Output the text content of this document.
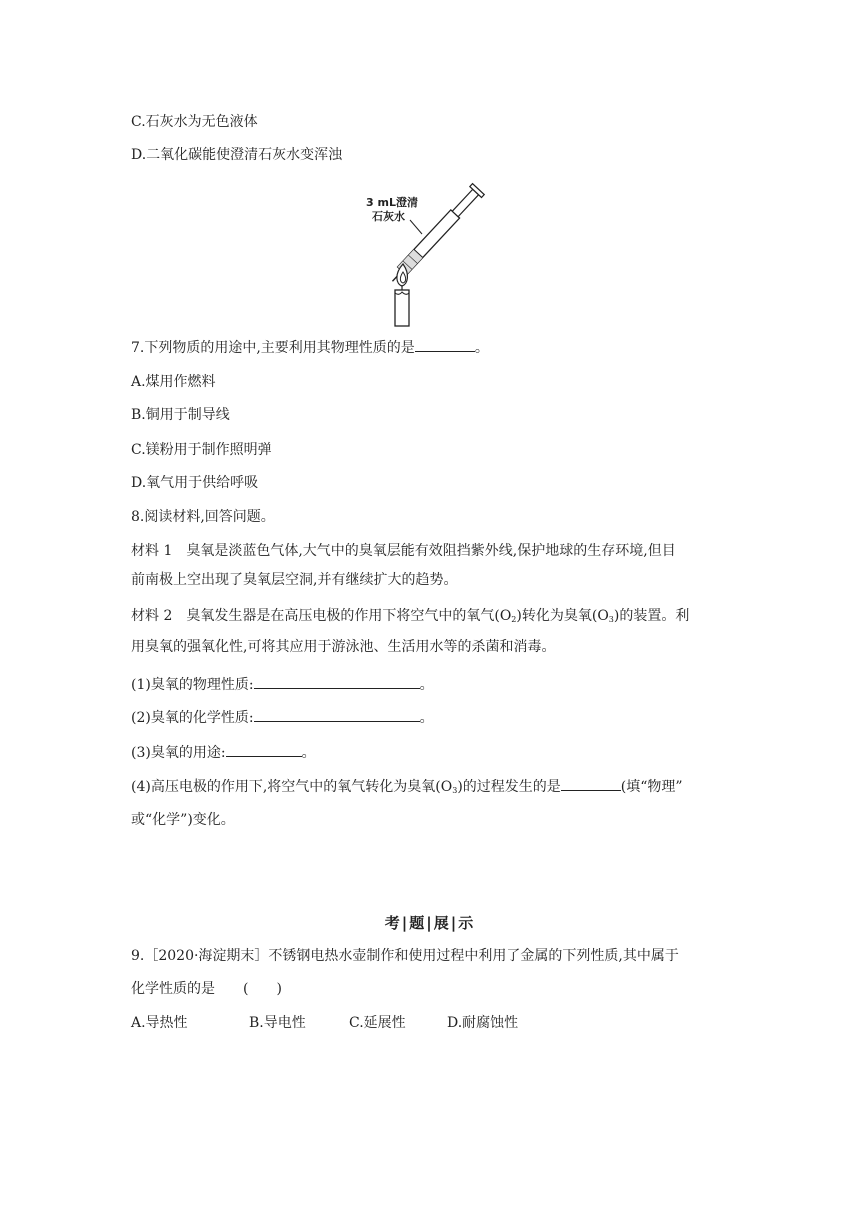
C.石灰水为无色液体
D.二氧化碳能使澄清石灰水变浑浊
3 mL澄清
石灰水
7.下列物质的用途中,主要利用其物理性质的是	。
A.煤用作燃料
B.铜用于制导线
C.镁粉用于制作照明弹
D.氧气用于供给呼吸
8.阅读材料,回答问题。
材料 1　臭氧是淡蓝色气体,大气中的臭氧层能有效阻挡紫外线,保护地球的生存环境,但目
前南极上空出现了臭氧层空洞,并有继续扩大的趋势。
材料 2　臭氧发生器是在高压电极的作用下将空气中的氧气$(O_2)$转化为臭氧$(O_3)$的装置。利
用臭氧的强氧化性,可将其应用于游泳池、生活用水等的杀菌和消毒。
(1)臭氧的物理性质:	。
(2)臭氧的化学性质:	。
(3)臭氧的用途:	。
(4)高压电极的作用下,将空气中的氧气转化为臭氧$(O_3)$的过程发生的是	(填“物理”
或“化学”)变化。
考|题|展|示
9.［2020·海淀期末］不锈钢电热水壶制作和使用过程中利用了金属的下列性质,其中属于
化学性质的是　　(　　)
A.导热性	B.导电性	C.延展性	D.耐腐蚀性
